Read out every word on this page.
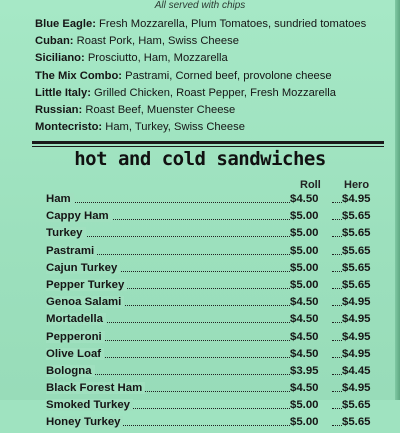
All served with chips
Blue Eagle: Fresh Mozzarella, Plum Tomatoes, sundried tomatoes
Cuban: Roast Pork, Ham, Swiss Cheese
Siciliano: Prosciutto, Ham, Mozzarella
The Mix Combo: Pastrami, Corned beef, provolone cheese
Little Italy: Grilled Chicken, Roast Pepper, Fresh Mozzarella
Russian: Roast Beef, Muenster Cheese
Montecristo: Ham, Turkey, Swiss Cheese
hot and cold sandwiches
Roll Hero
Ham	$4.50 $4.95
Cappy Ham	$5.00 $5.65
Turkey	$5.00 $5.65
Pastrami	$5.00 $5.65
Cajun Turkey	$5.00 $5.65
Pepper Turkey	$5.00 $5.65
Genoa Salami	$4.50 $4.95
Mortadella	$4.50 $4.95
Pepperoni	$4.50 $4.95
Olive Loaf	$4.50 $4.95
Bologna	$3.95 $4.45
Black Forest Ham	$4.50 $4.95
Smoked Turkey	$5.00 $5.65
Honey Turkey	$5.00 $5.65
